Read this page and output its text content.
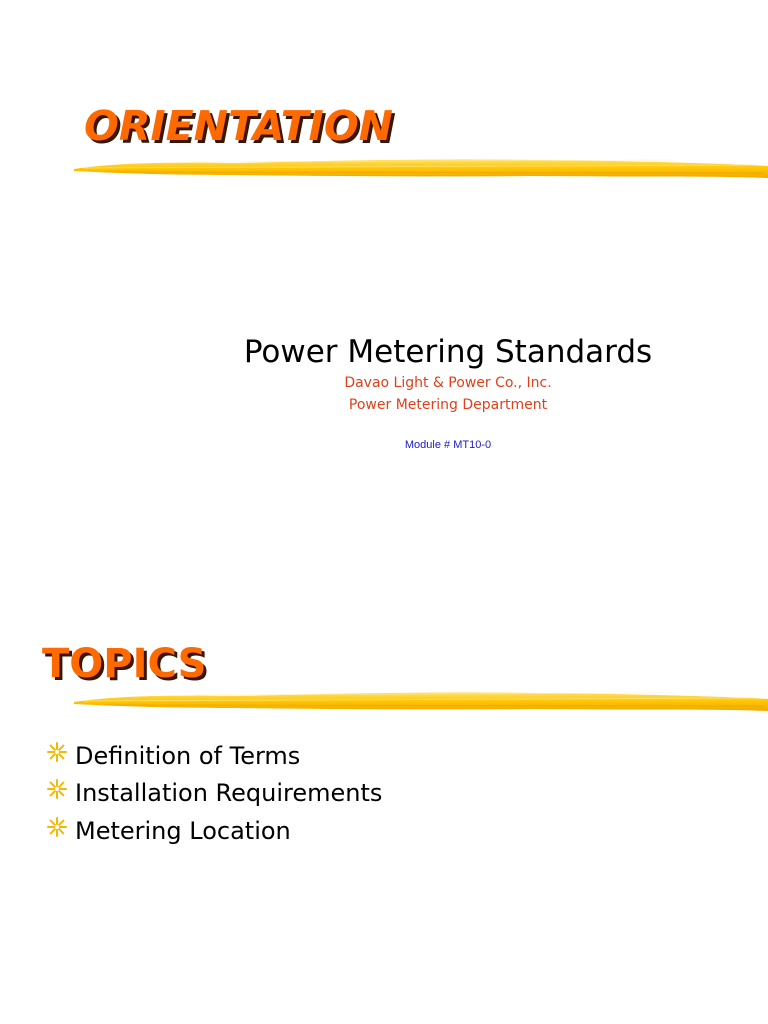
ORIENTATION
Power Metering Standards
Davao Light & Power Co., Inc.
Power Metering Department
Module # MT10-0
TOPICS
Definition of Terms
Installation Requirements
Metering Location
